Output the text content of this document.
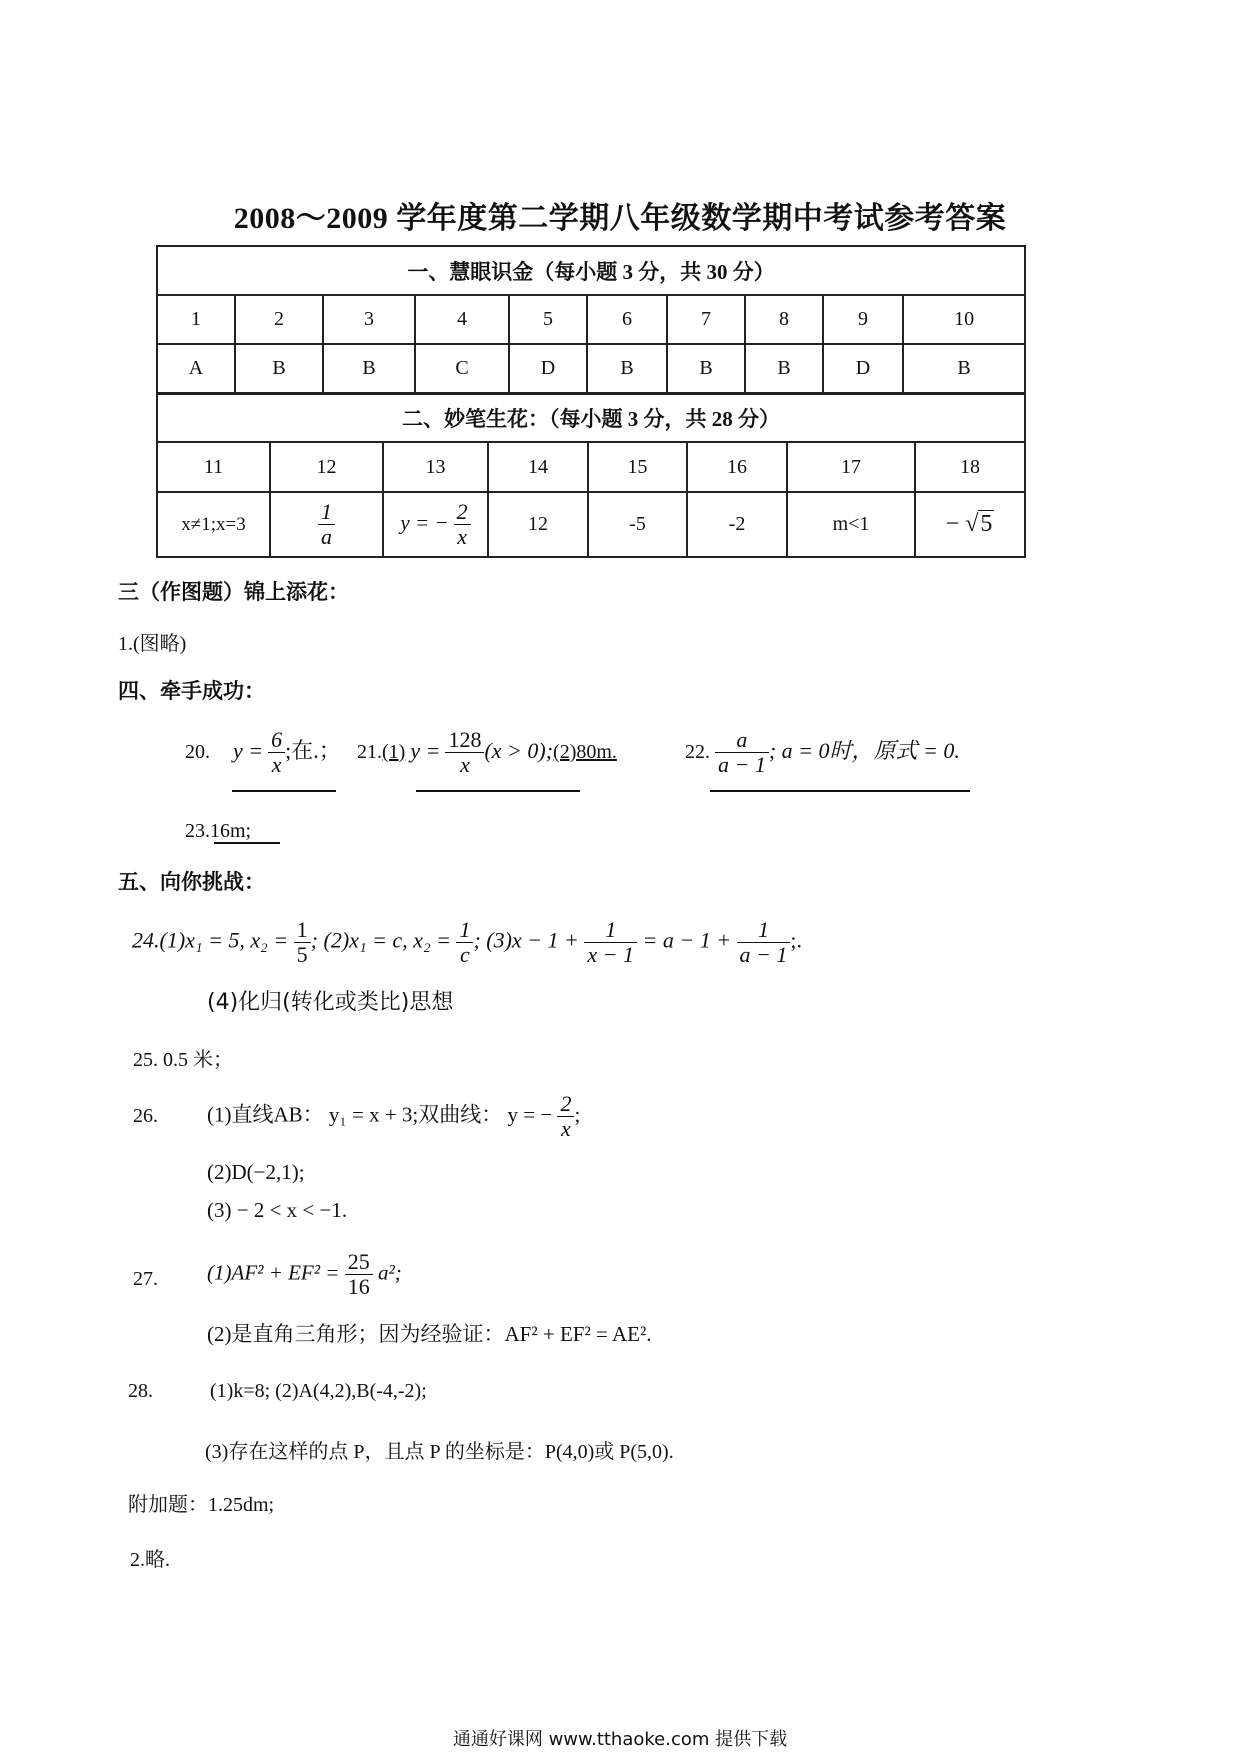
2008～2009 学年度第二学期八年级数学期中考试参考答案
一、慧眼识金（每小题 3 分，共 30 分）									
1	2	3	4	5	6	7	8	9	10
A	B	B	C	D	B	B	B	D	B
二、妙笔生花：（每小题 3 分，共 28 分）							
11	12	13	14	15	16	17	18
x≠1;x=3	$\frac{1}{a}$	y = − $\frac{2}{x}$	12	-5	-2	m<1	− √5
三（作图题）锦上添花：
1.(图略)
四、牵手成功：
20. $y = \frac{6}{x}$ ;在.； 21.(1) $y = \frac{128}{x} (x$ > 0);(2)80m.	22. $\frac{a}{a - 1}$ ; a = 0时，原式 = 0.
23.16m;
五、向你挑战：
24.(1)x₁ = 5, $x_2 = \frac{1}{5}$ ; (2)x₁ = c, $x_2 = \frac{1}{c}$ ; $(3)x - 1 + \frac{1}{x - 1} = a - 1 + \frac{1}{a - 1}$ ;.
(4)化归(转化或类比)思想
25. 0.5 米；
26. (1)直线AB： y₁ = x + 3;双曲线： y = − $\frac{2}{x}$ ;
(2)D(−2,1);
(3) − 2 < x < −1.
27. $(1)AF^2 + EF^2 = \frac{25}{16} a^2$;
(2)是直角三角形；因为经验证：AF² + EF² = AE².
28.	(1)k=8; (2)A(4,2),B(-4,-2);
(3)存在这样的点 P，且点 P 的坐标是：P(4,0)或 P(5,0).
附加题：1.25dm;
2.略.
通通好课网 www.tthaoke.com 提供下载
